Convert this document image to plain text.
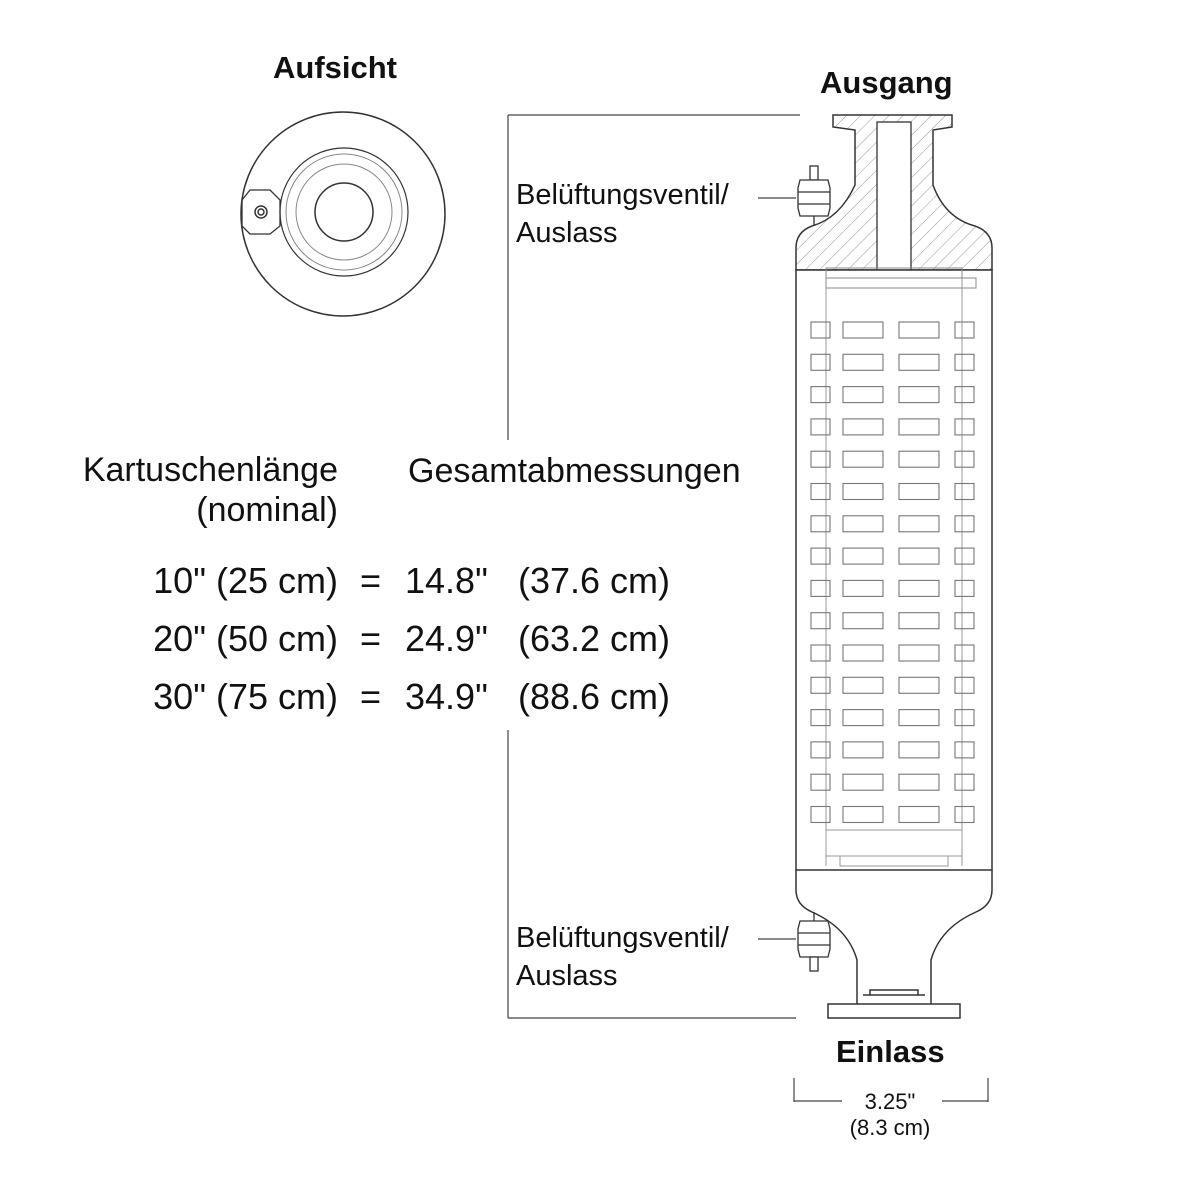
Aufsicht	Ausgang
Einlass
Belüftungsventil/
Auslass
Belüftungsventil/
Auslass
Kartuschenlänge
(nominal)
Gesamtabmessungen
10" (25 cm) = 14.8" (37.6 cm)
20" (50 cm) = 24.9" (63.2 cm)
30" (75 cm) = 34.9" (88.6 cm)
3.25"
(8.3 cm)
